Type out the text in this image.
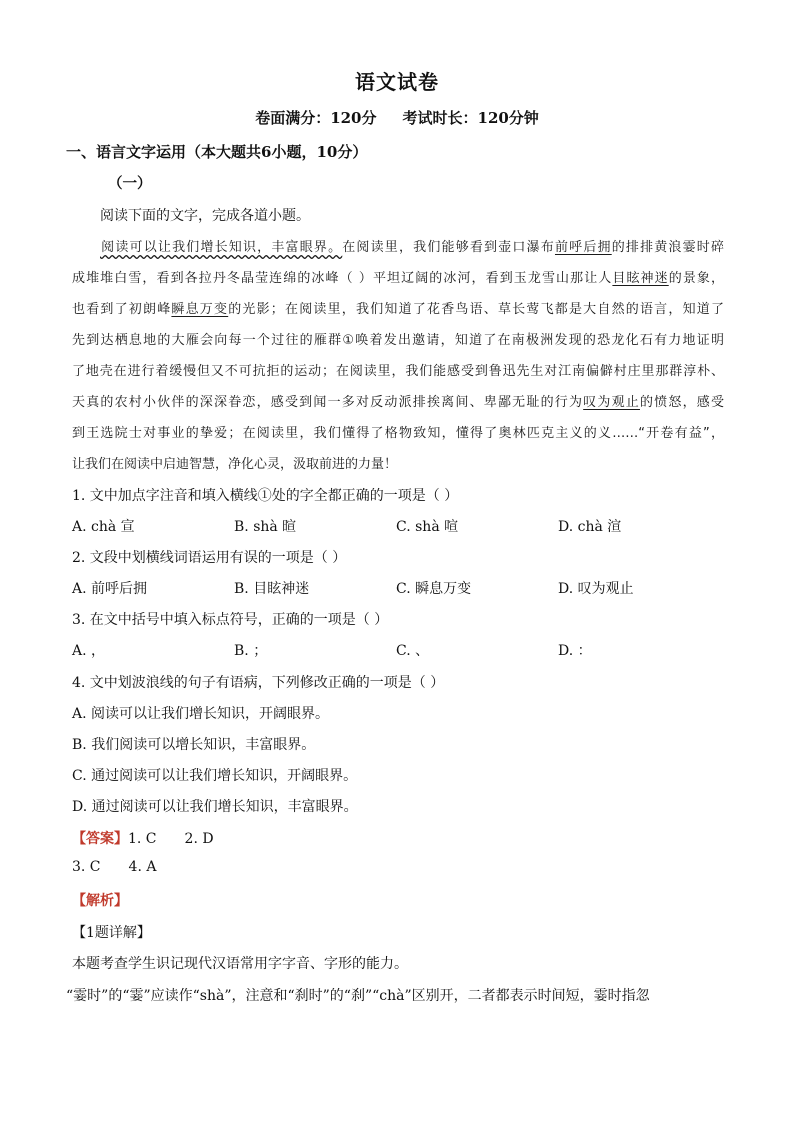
语文试卷
卷面满分：120分 考试时长：120分钟
一、语言文字运用（本大题共6小题，10分）
（一）
阅读下面的文字，完成各道小题。
阅读可以让我们增长知识，丰富眼界。在阅读里，我们能够看到壶口瀑布前呼后拥的排排黄浪霎时碎
成堆堆白雪，看到各拉丹冬晶莹连绵的冰峰（ ）平坦辽阔的冰河，看到玉龙雪山那让人目眩神迷的景象，
也看到了初朗峰瞬息万变的光影；在阅读里，我们知道了花香鸟语、草长莺飞都是大自然的语言，知道了
先到达栖息地的大雁会向每一个过往的雁群①唤着发出邀请，知道了在南极洲发现的恐龙化石有力地证明
了地壳在进行着缓慢但又不可抗拒的运动；在阅读里，我们能感受到鲁迅先生对江南偏僻村庄里那群淳朴、
天真的农村小伙伴的深深眷恋，感受到闻一多对反动派排挨离间、卑鄙无耻的行为叹为观止的愤怒，感受
到王选院士对事业的挚爱；在阅读里，我们懂得了格物致知，懂得了奥林匹克主义的义……“开卷有益”，
让我们在阅读中启迪智慧，净化心灵，汲取前进的力量！
1. 文中加点字注音和填入横线①处的字全都正确的一项是（ ）
A. chà 宣	B. shà 暄	C. shà 喧	D. chà 渲
2. 文段中划横线词语运用有误的一项是（ ）
A. 前呼后拥	B. 目眩神迷	C. 瞬息万变	D. 叹为观止
3. 在文中括号中填入标点符号，正确的一项是（ ）
A. ，	B. ；	C. 、	D. ：
4. 文中划波浪线的句子有语病，下列修改正确的一项是（ ）
A. 阅读可以让我们增长知识，开阔眼界。
B. 我们阅读可以增长知识，丰富眼界。
C. 通过阅读可以让我们增长知识，开阔眼界。
D. 通过阅读可以让我们增长知识，丰富眼界。
【答案】1. C 2. D
3. C 4. A
【解析】
【1题详解】
本题考查学生识记现代汉语常用字字音、字形的能力。
“霎时”的“霎”应读作“shà”，注意和“刹时”的“刹”“chà”区别开，二者都表示时间短，霎时指忽
